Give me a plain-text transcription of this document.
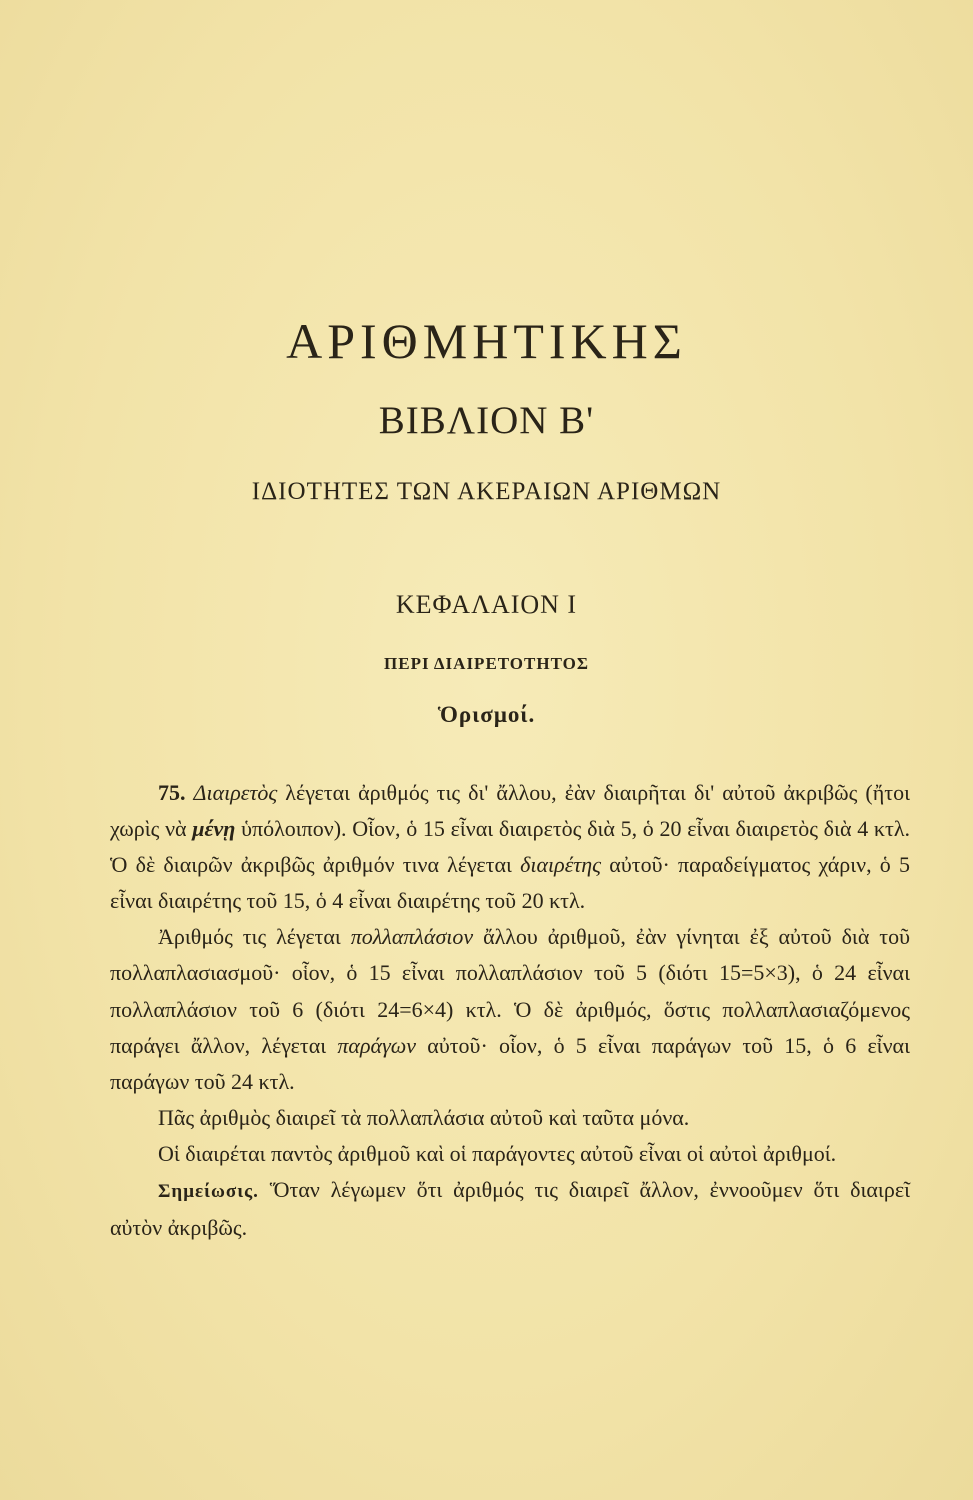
ΑΡΙΘΜΗΤΙΚΗΣ
ΒΙΒΛΙΟΝ Β'
ΙΔΙΟΤΗΤΕΣ ΤΩΝ ΑΚΕΡΑΙΩΝ ΑΡΙΘΜΩΝ
ΚΕΦΑΛΑΙΟΝ Ι
ΠΕΡΙ ΔΙΑΙΡΕΤΟΤΗΤΟΣ
Ὁρισμοί.

75. Διαιρετὸς λέγεται ἀριθμός τις δι' ἄλλου, ἐὰν διαιρῆται δι' αὐτοῦ ἀκριβῶς (ἤτοι χωρὶς νὰ μένῃ ὑπόλοιπον). Οἷον, ὁ 15 εἶναι διαιρετὸς διὰ 5, ὁ 20 εἶναι διαιρετὸς διὰ 4 κτλ. Ὁ δὲ διαιρῶν ἀκριβῶς ἀριθμόν τινα λέγεται διαιρέτης αὐτοῦ· παραδείγματος χάριν, ὁ 5 εἶναι διαιρέτης τοῦ 15, ὁ 4 εἶναι διαιρέτης τοῦ 20 κτλ.

Ἀριθμός τις λέγεται πολλαπλάσιον ἄλλου ἀριθμοῦ, ἐὰν γίνηται ἐξ αὐτοῦ διὰ τοῦ πολλαπλασιασμοῦ· οἷον, ὁ 15 εἶναι πολλαπλάσιον τοῦ 5 (διότι 15=5×3), ὁ 24 εἶναι πολλαπλάσιον τοῦ 6 (διότι 24=6×4) κτλ. Ὁ δὲ ἀριθμός, ὅστις πολλαπλασιαζόμενος παράγει ἄλλον, λέγεται παράγων αὐτοῦ· οἷον, ὁ 5 εἶναι παράγων τοῦ 15, ὁ 6 εἶναι παράγων τοῦ 24 κτλ.

Πᾶς ἀριθμὸς διαιρεῖ τὰ πολλαπλάσια αὐτοῦ καὶ ταῦτα μόνα.

Οἱ διαιρέται παντὸς ἀριθμοῦ καὶ οἱ παράγοντες αὐτοῦ εἶναι οἱ αὐτοὶ ἀριθμοί.

Σημείωσις. Ὅταν λέγωμεν ὅτι ἀριθμός τις διαιρεῖ ἄλλον, ἐννοοῦμεν ὅτι διαιρεῖ αὐτὸν ἀκριβῶς.
